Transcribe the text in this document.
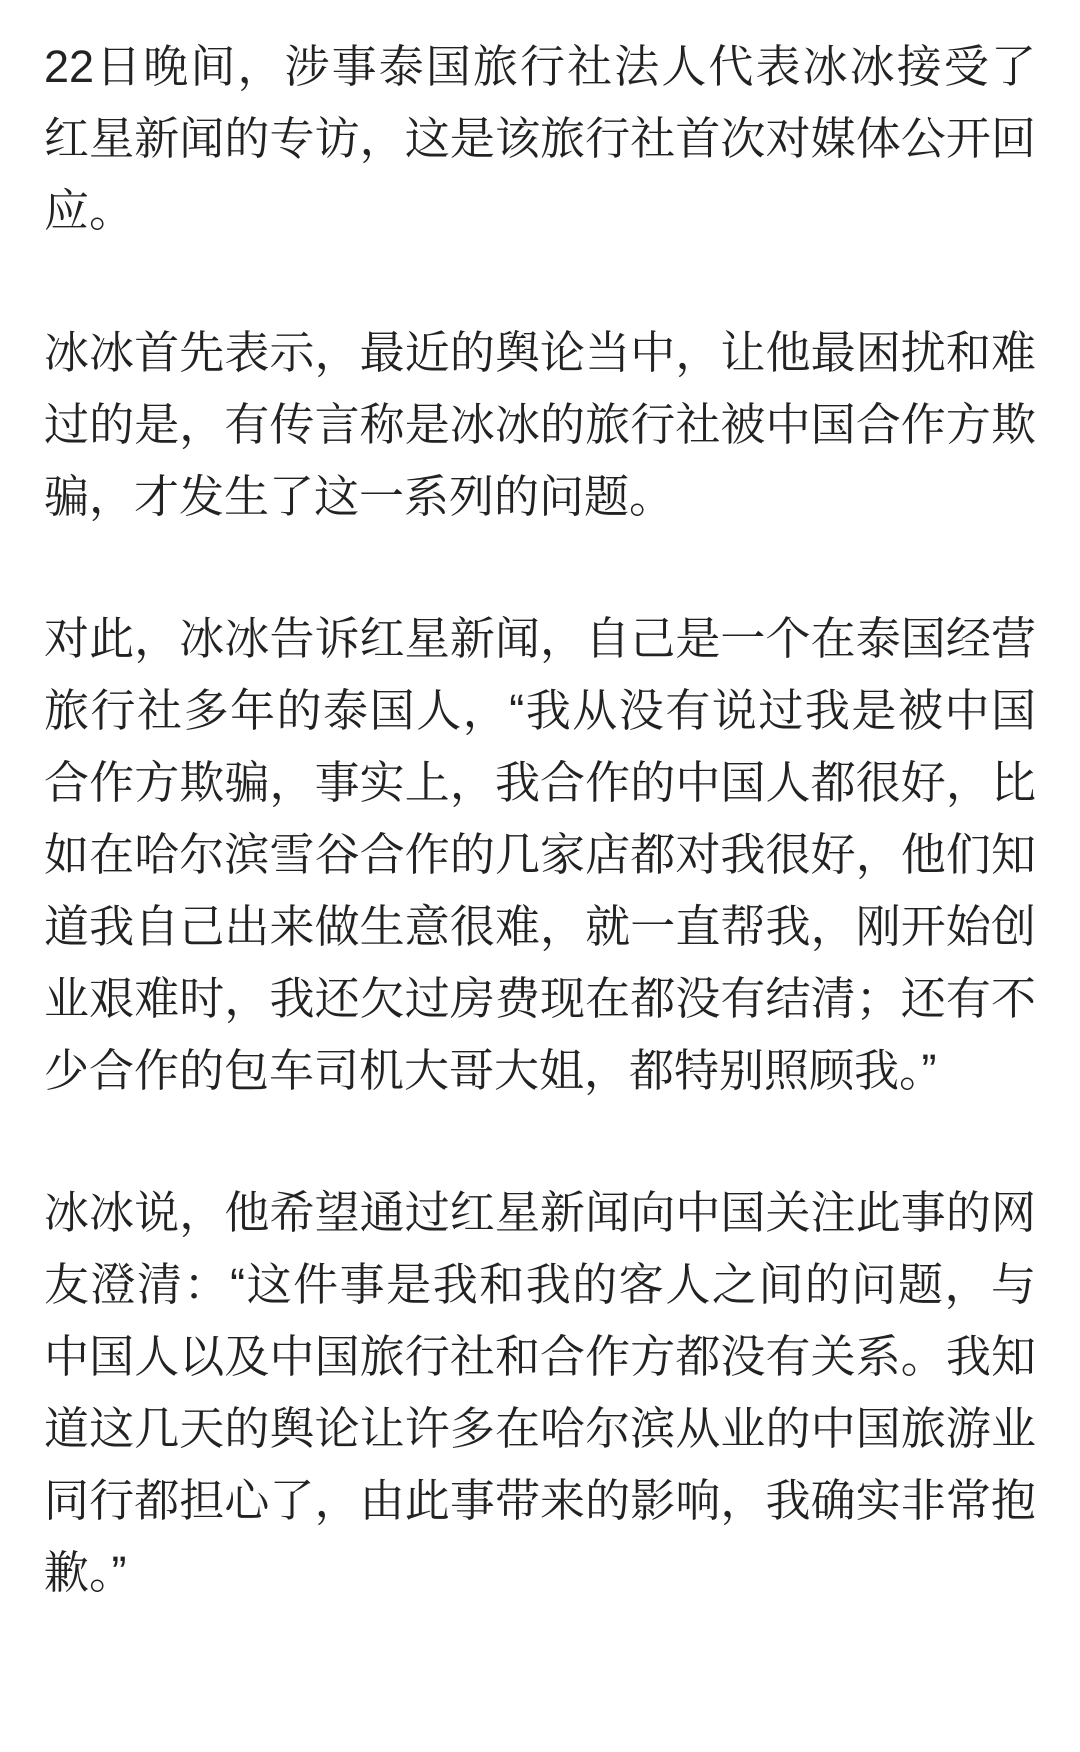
22日晚间，涉事泰国旅行社法人代表冰冰接受了红星新闻的专访，这是该旅行社首次对媒体公开回应。

冰冰首先表示，最近的舆论当中，让他最困扰和难过的是，有传言称是冰冰的旅行社被中国合作方欺骗，才发生了这一系列的问题。

对此，冰冰告诉红星新闻，自己是一个在泰国经营旅行社多年的泰国人，“我从没有说过我是被中国合作方欺骗，事实上，我合作的中国人都很好，比如在哈尔滨雪谷合作的几家店都对我很好，他们知道我自己出来做生意很难，就一直帮我，刚开始创业艰难时，我还欠过房费现在都没有结清；还有不少合作的包车司机大哥大姐，都特别照顾我。”

冰冰说，他希望通过红星新闻向中国关注此事的网友澄清：“这件事是我和我的客人之间的问题，与中国人以及中国旅行社和合作方都没有关系。我知道这几天的舆论让许多在哈尔滨从业的中国旅游业同行都担心了，由此事带来的影响，我确实非常抱歉。”
